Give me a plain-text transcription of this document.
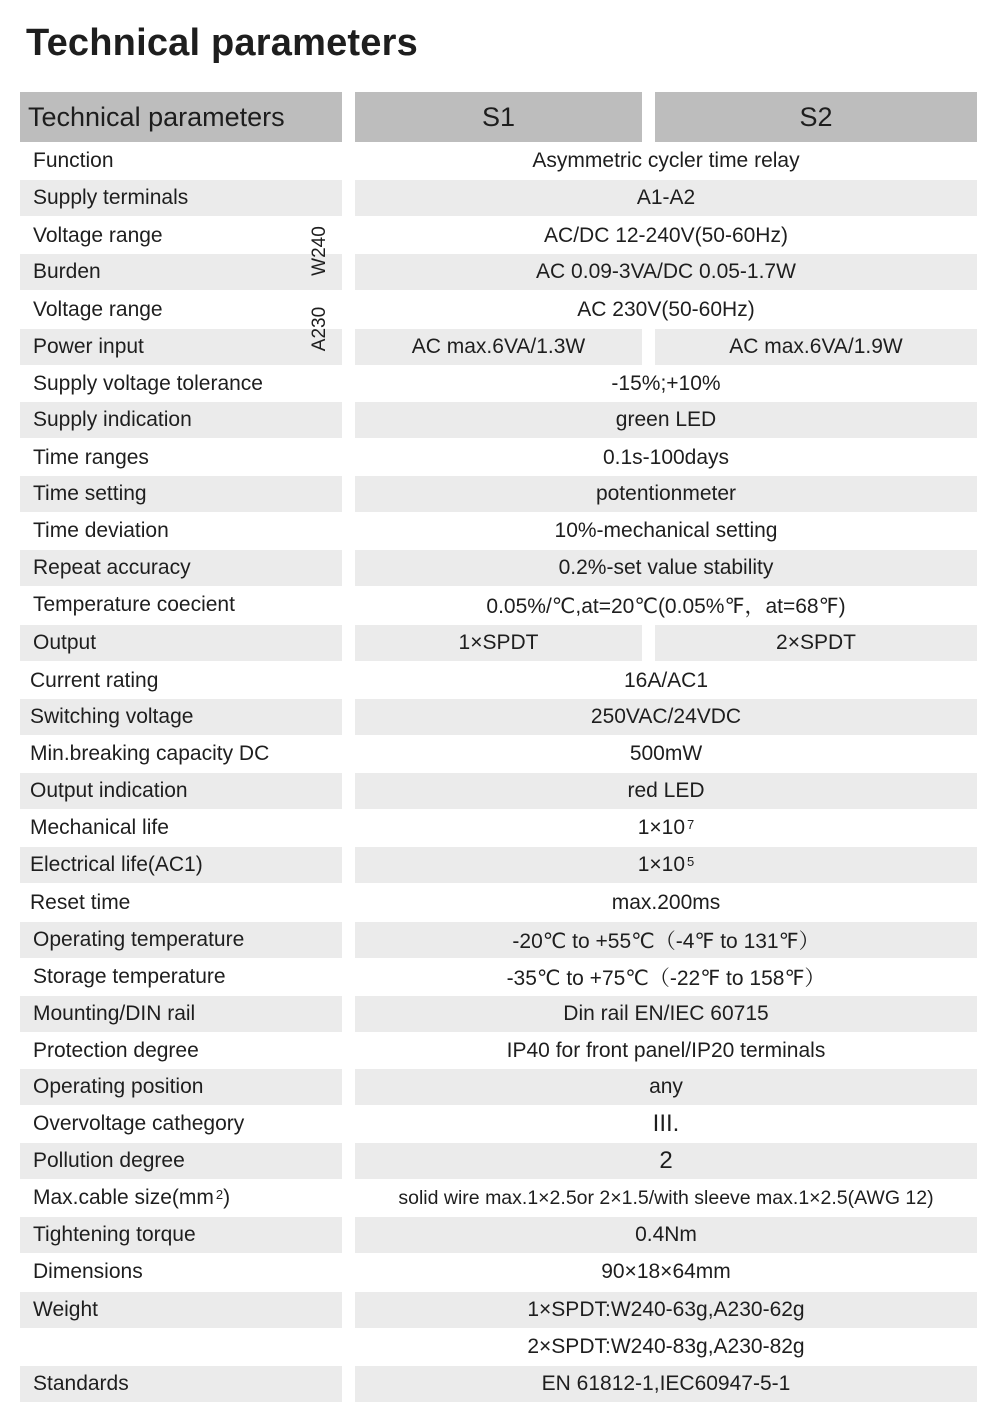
Technical parameters
Technical parameters	S1	S2
Function	Asymmetric cycler time relay
Supply terminals	A1-A2
Voltage range	AC/DC 12-240V(50-60Hz)
Burden	AC 0.09-3VA/DC 0.05-1.7W
Voltage range	AC 230V(50-60Hz)
Power input	AC max.6VA/1.3W	AC max.6VA/1.9W
W240
A230
Supply voltage tolerance	-15%;+10%
Supply indication	green LED
Time ranges	0.1s-100days
Time setting	potentionmeter
Time deviation	10%-mechanical setting
Repeat accuracy	0.2%-set value stability
Temperature coecient	0.05%/℃,at=20℃(0.05%℉，at=68℉)
Output	1×SPDT	2×SPDT
Current rating	16A/AC1
Switching voltage	250VAC/24VDC
Min.breaking capacity DC	500mW
Output indication	red LED
Mechanical life	$1\times 10^7$
Electrical life(AC1)	$1\times 10^5$
Reset time	max.200ms
Operating temperature	-20℃ to +55℃（-4℉ to 131℉）
Storage temperature	-35℃ to +75℃（-22℉ to 158℉）
Mounting/DIN rail	Din rail EN/IEC 60715
Protection degree	IP40 for front panel/IP20 terminals
Operating position	any
Overvoltage cathegory	III.
Pollution degree	2
Max.cable $size(mm^2$ )	solid wire max.1×2.5or 2×1.5/with sleeve max.1×2.5(AWG 12)
Tightening torque	0.4Nm
Dimensions	90×18×64mm
Weight	1×SPDT:W240-63g,A230-62g
2×SPDT:W240-83g,A230-82g
Standards	EN 61812-1,IEC60947-5-1
